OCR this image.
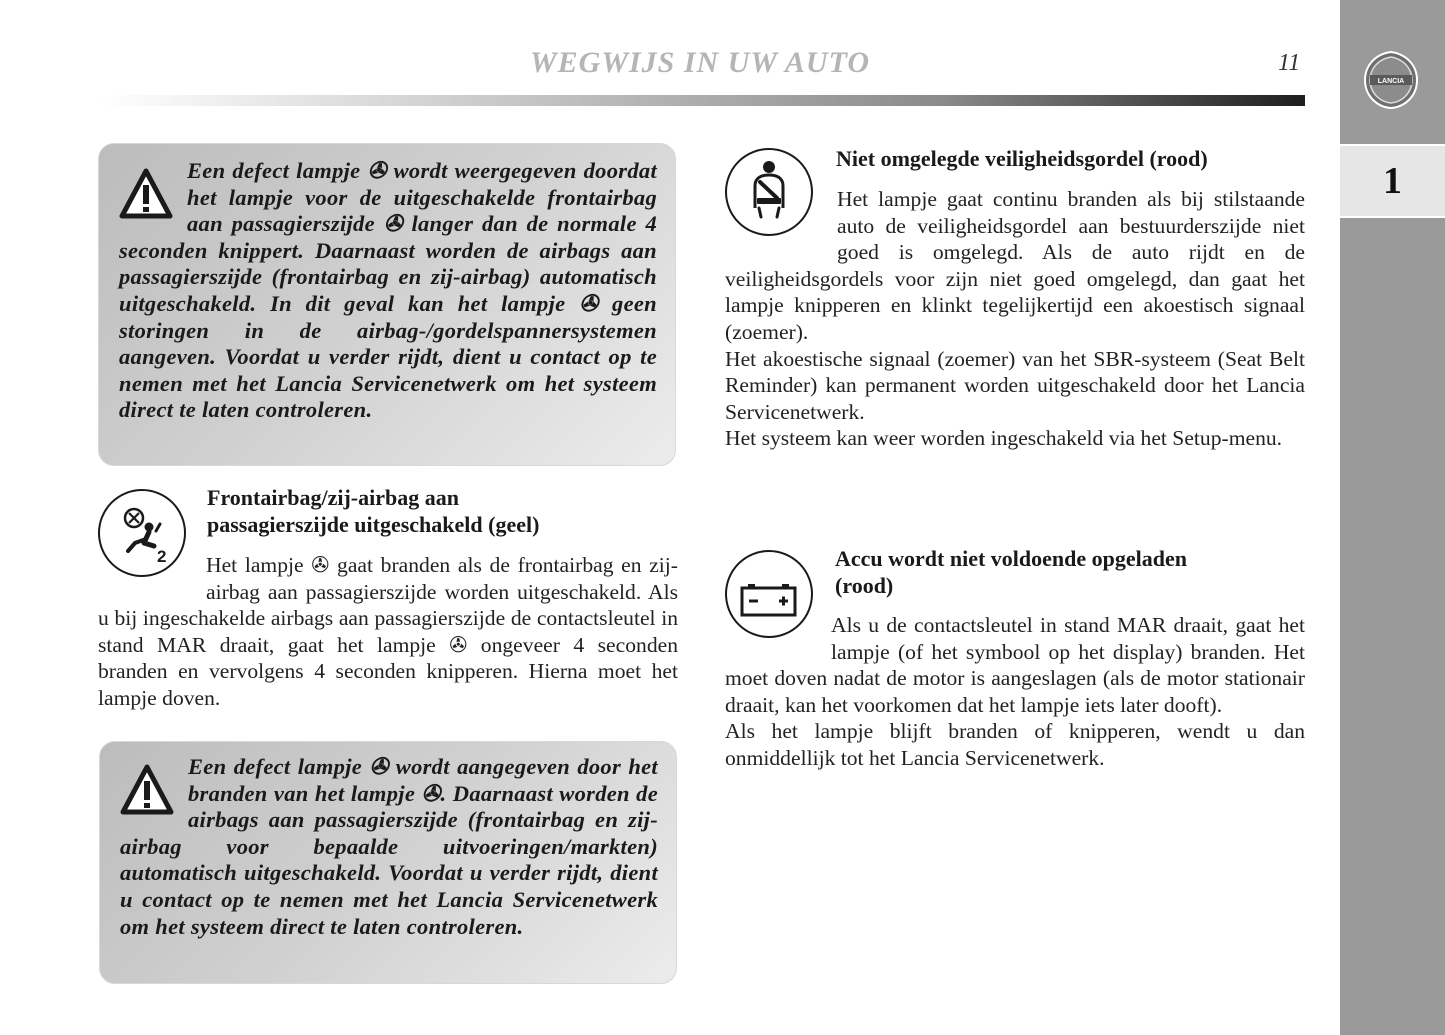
WEGWIJS IN UW AUTO	11
LANCIA
1

Een defect lampje ✇ wordt weergegeven doordat het lampje voor de uitgeschakelde frontairbag aan passagierszijde ✇ langer dan de normale 4 seconden knippert. Daarnaast worden de airbags aan passagierszijde (frontairbag en zij-airbag) automatisch uitgeschakeld. In dit geval kan het lampje ✇ geen storingen in de airbag-/gordelspannersystemen aangeven. Voordat u verder rijdt, dient u contact op te nemen met het Lancia Servicenetwerk om het systeem direct te laten controleren.

2
Frontairbag/zij-airbag aan
passagierszijde uitgeschakeld (geel)

Het lampje ✇ gaat branden als de frontairbag en zij-airbag aan passagierszijde worden uitgeschakeld. Als u bij ingeschakelde airbags aan passagierszijde de contactsleutel in stand MAR draait, gaat het lampje ✇ ongeveer 4 seconden branden en vervolgens 4 seconden knipperen. Hierna moet het lampje doven.

Een defect lampje ✇ wordt aangegeven door het branden van het lampje ✇. Daarnaast worden de airbags aan passagierszijde (frontairbag en zij-airbag voor bepaalde uitvoeringen/markten) automatisch uitgeschakeld. Voordat u verder rijdt, dient u contact op te nemen met het Lancia Servicenetwerk om het systeem direct te laten controleren.

Niet omgelegde veiligheidsgordel (rood)

Het lampje gaat continu branden als bij stilstaande auto de veiligheidsgordel aan bestuurderszijde niet goed is omgelegd. Als de auto rijdt en de veiligheidsgordels voor zijn niet goed omgelegd, dan gaat het lampje knipperen en klinkt tegelijkertijd een akoestisch signaal (zoemer).

Het akoestische signaal (zoemer) van het SBR-systeem (Seat Belt Reminder) kan permanent worden uitgeschakeld door het Lancia Servicenetwerk.

Het systeem kan weer worden ingeschakeld via het Setup-menu.

Accu wordt niet voldoende opgeladen
(rood)

Als u de contactsleutel in stand MAR draait, gaat het lampje (of het symbool op het display) branden. Het moet doven nadat de motor is aangeslagen (als de motor stationair draait, kan het voorkomen dat het lampje iets later dooft).

Als het lampje blijft branden of knipperen, wendt u dan onmiddellijk tot het Lancia Servicenetwerk.
